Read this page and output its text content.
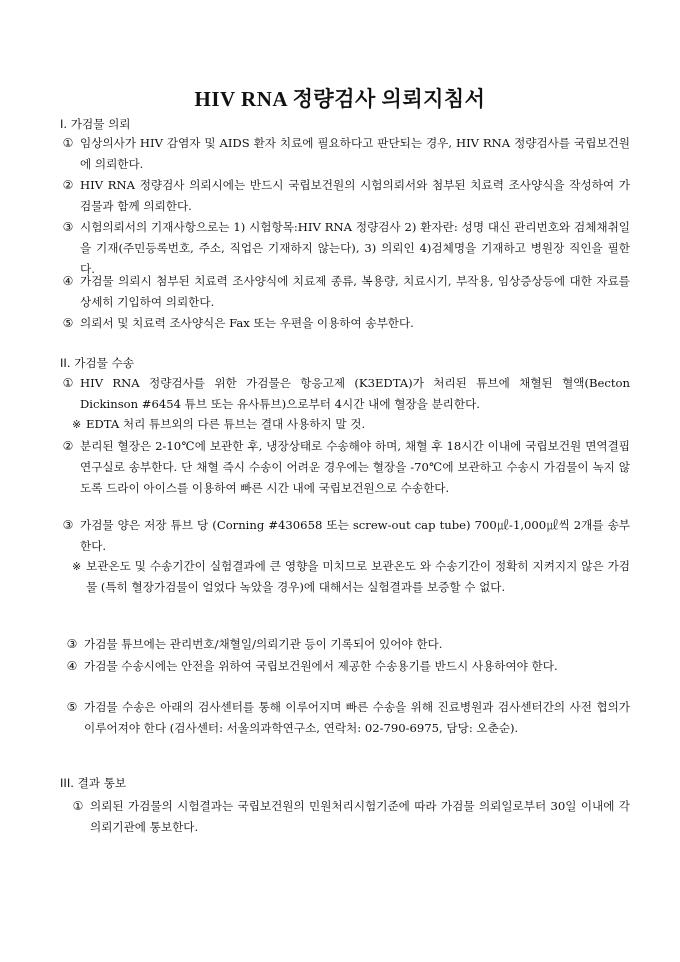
HIV RNA 정량검사 의뢰지침서
I. 가검물 의뢰
① 임상의사가 HIV 감염자 및 AIDS 환자 치료에 필요하다고 판단되는 경우, HIV RNA 정량검사를 국립보건원에 의뢰한다.
② HIV RNA 정량검사 의뢰시에는 반드시 국립보건원의 시험의뢰서와 첨부된 치료력 조사양식을 작성하여 가검물과 함께 의뢰한다.
③ 시험의뢰서의 기재사항으로는 1) 시험항목:HIV RNA 정량검사 2) 환자란: 성명 대신 관리번호와 검체채취일을 기재(주민등록번호, 주소, 직업은 기재하지 않는다), 3) 의뢰인 4)검체명을 기재하고 병원장 직인을 필한다.
④ 가검물 의뢰시 첨부된 치료력 조사양식에 치료제 종류, 복용량, 치료시기, 부작용, 임상증상등에 대한 자료를 상세히 기입하여 의뢰한다.
⑤ 의뢰서 및 치료력 조사양식은 Fax 또는 우편을 이용하여 송부한다.
II. 가검물 수송
① HIV RNA 정량검사를 위한 가검물은 항응고제 (K3EDTA)가 처리된 튜브에 채혈된 혈액(Becton Dickinson #6454 튜브 또는 유사튜브)으로부터 4시간 내에 혈장을 분리한다.
※ EDTA 처리 튜브외의 다른 튜브는 결대 사용하지 말 것.
② 분리된 혈장은 2-10℃에 보관한 후, 냉장상태로 수송해야 하며, 채혈 후 18시간 이내에 국립보건원 면역결핍연구실로 송부한다. 단 채혈 즉시 수송이 어려운 경우에는 혈장을 -70℃에 보관하고 수송시 가검물이 녹지 않도록 드라이 아이스를 이용하여 빠른 시간 내에 국립보건원으로 수송한다.
③ 가검물 양은 저장 튜브 당 (Corning #430658 또는 screw-out cap tube) 700㎕-1,000㎕씩 2개를 송부한다.
※ 보관온도 및 수송기간이 실험결과에 큰 영향을 미치므로 보관온도 와 수송기간이 정확히 지켜지지 않은 가검물 (특히 혈장가검물이 얼었다 녹았을 경우)에 대해서는 실험결과를 보증할 수 없다.
③ 가검물 튜브에는 관리번호/채혈일/의뢰기관 등이 기록되어 있어야 한다.
④ 가검물 수송시에는 안전을 위하여 국립보건원에서 제공한 수송용기를 반드시 사용하여야 한다.
⑤ 가검물 수송은 아래의 검사센터를 통해 이루어지며 빠른 수송을 위해 진료병원과 검사센터간의 사전 협의가 이루어져야 한다 (검사센터: 서울의과학연구소, 연락처: 02-790-6975, 담당: 오춘순).
III. 결과 통보
① 의뢰된 가검물의 시험결과는 국립보건원의 민원처리시험기준에 따라 가검물 의뢰일로부터 30일 이내에 각 의뢰기관에 통보한다.
